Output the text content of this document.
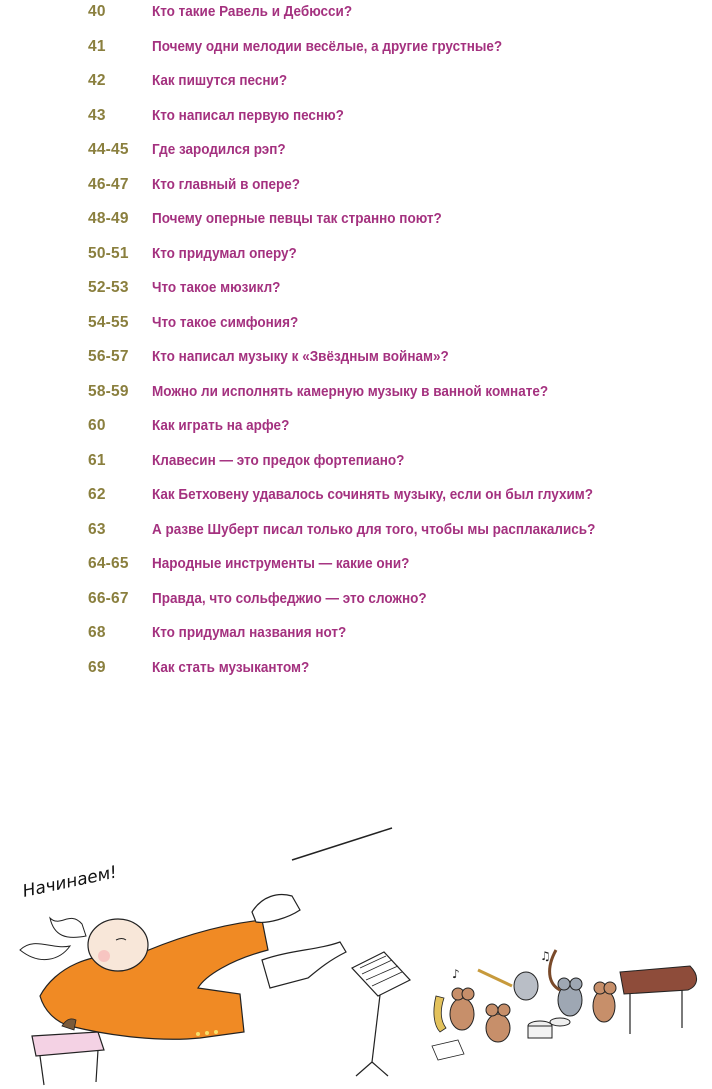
40	Кто такие Равель и Дебюсси?
41	Почему одни мелодии весёлые, а другие грустные?
42	Как пишутся песни?
43	Кто написал первую песню?
44-45 Где зародился рэп?
46-47 Кто главный в опере?
48-49 Почему оперные певцы так странно поют?
50-51 Кто придумал оперу?
52-53 Что такое мюзикл?
54-55 Что такое симфония?
56-57 Кто написал музыку к «Звёздным войнам»?
58-59 Можно ли исполнять камерную музыку в ванной комнате?
60	Как играть на арфе?
61	Клавесин — это предок фортепиано?
62	Как Бетховену удавалось сочинять музыку, если он был глухим?
63	А разве Шуберт писал только для того, чтобы мы расплакались?
64-65 Народные инструменты — какие они?
66-67 Правда, что сольфеджио — это сложно?
68	Кто придумал названия нот?
69	Как стать музыкантом?
Начинаем!
♪
♫
